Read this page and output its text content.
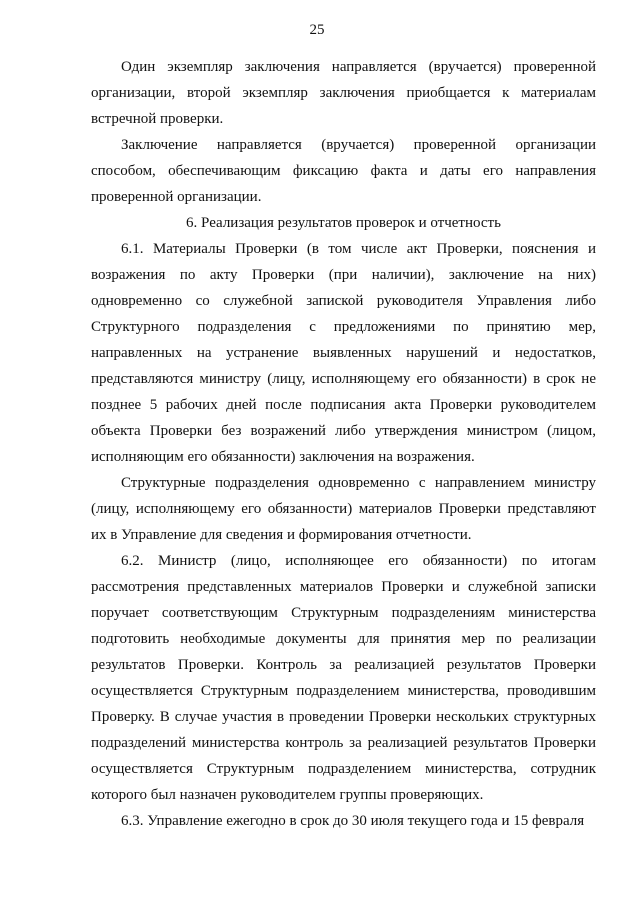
25

Один экземпляр заключения направляется (вручается) проверенной организации, второй экземпляр заключения приобщается к материалам встречной проверки.

Заключение направляется (вручается) проверенной организации способом, обеспечивающим фиксацию факта и даты его направления проверенной организации.

6. Реализация результатов проверок и отчетность

6.1. Материалы Проверки (в том числе акт Проверки, пояснения и возражения по акту Проверки (при наличии), заключение на них) одновременно со служебной запиской руководителя Управления либо Структурного подразделения с предложениями по принятию мер, направленных на устранение выявленных нарушений и недостатков, представляются министру (лицу, исполняющему его обязанности) в срок не позднее 5 рабочих дней после подписания акта Проверки руководителем объекта Проверки без возражений либо утверждения министром (лицом, исполняющим его обязанности) заключения на возражения.

Структурные подразделения одновременно с направлением министру (лицу, исполняющему его обязанности) материалов Проверки представляют их в Управление для сведения и формирования отчетности.

6.2. Министр (лицо, исполняющее его обязанности) по итогам рассмотрения представленных материалов Проверки и служебной записки поручает соответствующим Структурным подразделениям министерства подготовить необходимые документы для принятия мер по реализации результатов Проверки. Контроль за реализацией результатов Проверки осуществляется Структурным подразделением министерства, проводившим Проверку. В случае участия в проведении Проверки нескольких структурных подразделений министерства контроль за реализацией результатов Проверки осуществляется Структурным подразделением министерства, сотрудник которого был назначен руководителем группы проверяющих.

6.3. Управление ежегодно в срок до 30 июля текущего года и 15 февраля
